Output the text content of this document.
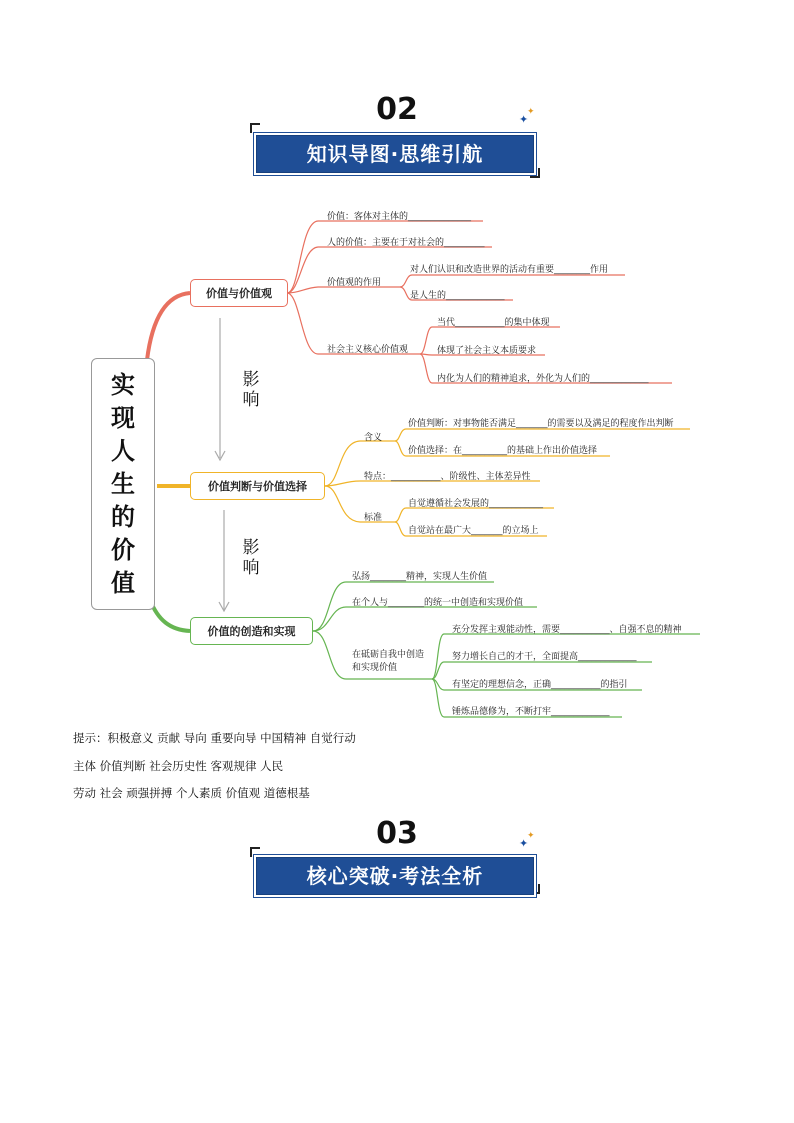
02
知识导图·思维引航
✦
✦
实
现
人
生
的
价
值
影
响
影
响
价值与价值观
价值判断与价值选择
价值的创造和实现
价值：客体对主体的______________
人的价值：主要在于对社会的_________
价值观的作用
对人们认识和改造世界的活动有重要________作用
是人生的_____________
社会主义核心价值观
当代___________的集中体现
体现了社会主义本质要求
内化为人们的精神追求，外化为人们的_____________
含义
价值判断：对事物能否满足_______的需要以及满足的程度作出判断
价值选择：在__________的基础上作出价值选择
特点：___________、阶级性、主体差异性
标准
自觉遵循社会发展的____________
自觉站在最广大_______的立场上
弘扬________精神，实现人生价值
在个人与________的统一中创造和实现价值
在砥砺自我中创造和实现价值
充分发挥主观能动性，需要___________、自强不息的精神
努力增长自己的才干，全面提高_____________
有坚定的理想信念，正确___________的指引
锤炼品德修为，不断打牢_____________
提示：积极意义 贡献 导向 重要向导 中国精神 自觉行动
主体 价值判断 社会历史性 客观规律 人民
劳动 社会 顽强拼搏 个人素质 价值观 道德根基
03
核心突破·考法全析
✦
✦
